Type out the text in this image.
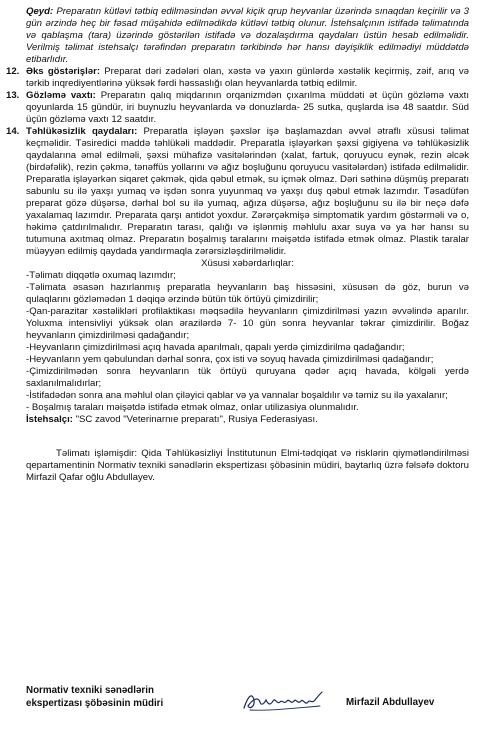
Qeyd: Preparatın kütləvi tətbiq edilməsindən əvvəl kiçik qrup heyvanlar üzərində sınaqdan keçirilir və 3 gün ərzində heç bir fəsad müşahidə edilmədikdə kütləvi tətbiq olunur. İstehsalçının istifadə təlimatında və qablaşma (tara) üzərində göstərilən istifadə və dozalaşdırma qaydaları üstün hesab edilməlidir. Verilmiş təlimat istehsalçı tərəfindən preparatın tərkibində hər hansı dəyişiklik edilmədiyi müddətdə etibarlıdır.

12. Əks göstərişlər: Preparat dəri zədələri olan, xəstə və yaxın günlərdə xəstəlik keçirmiş, zəif, arıq və tərkib inqrediyentlərinə yüksək fərdi həssaslığı olan heyvanlarda tətbiq edilmir.

13. Gözləmə vaxtı: Preparatın qalıq miqdarının orqanizmdən çıxarılma müddəti ət üçün gözləmə vaxtı qoyunlarda 15 gündür, iri buynuzlu heyvanlarda və donuzlarda- 25 sutka, quşlarda isə 48 saatdır. Süd üçün gözləmə vaxtı 12 saatdır.

14. Təhlükəsizlik qaydaları: Preparatla işləyən şəxslər işə başlamazdan əvvəl ətraflı xüsusi təlimat keçməlidir. Təsiredici maddə təhlükəli maddədir. Preparatla işləyərkən şəxsi gigiyena və təhlükəsizlik qaydalarına əməl edilməli, şəxsi mühafizə vasitələrindən (xalat, fartuk, qoruyucu eynək, rezin əlcək (birdəfəlik), rezin çəkmə, tənəffüs yollarını və ağız boşluğunu qoruyucu vasitələrdən) istifadə edilməlidir. Preparatla işləyərkən siqaret çəkmək, qida qəbul etmək, su içmək olmaz. Dəri səthinə düşmüş preparatı sabunlu su ilə yaxşı yumaq və işdən sonra yuyunmaq və yaxşı duş qəbul etmək lazımdır. Təsadüfən preparat gözə düşərsə, dərhal bol su ilə yumaq, ağıza düşərsə, ağız boşluğunu su ilə bir neçə dəfə yaxalamaq lazımdır. Preparata qarşı antidot yoxdur. Zərərçəkmişə simptomatik yardım göstərməli və o, həkimə çatdırılmalıdır. Preparatın tarası, qalığı və işlənmiş məhlulu axar suya və ya hər hansı su tutumuna axıtmaq olmaz. Preparatın boşalmış taralarını məişətdə istifadə etmək olmaz. Plastik taralar müəyyən edilmiş qaydada yandırmaqla zərərsizləşdirilməlidir.

Xüsusi xəbərdarlıqlar:

-Təlimatı diqqətlə oxumaq lazımdır;

-Təlimata əsasən hazırlanmış preparatla heyvanların baş hissəsini, xüsusən də göz, burun və qulaqlarını gözləmədən 1 dəqiqə ərzində bütün tük örtüyü çimizdirilir;

-Qan-parazitar xəstəlikləri profilaktikası məqsədilə heyvanların çimizdirilməsi yazın əvvəlində aparılır. Yoluxma intensivliyi yüksək olan ərazilərdə 7- 10 gün sonra heyvanlar təkrar çimizdirilir. Boğaz heyvanların çimizdirilməsi qadağandır;

-Heyvanların çimizdirilməsi açıq havada aparılmalı, qapalı yerdə çimizdirilmə qadağandır;

-Heyvanların yem qəbulundan dərhal sonra, çox isti və soyuq havada çimizdirilməsi qadağandır;

-Çimizdirilmədən sonra heyvanların tük örtüyü quruyana qədər açıq havada, kölgəli yerdə saxlanılmalıdırlar;

-İstifadədən sonra ana məhlul olan çiləyici qablar və ya vannalar boşaldılır və təmiz su ilə yaxalanır;

- Boşalmış taraları məişətdə istifadə etmək olmaz, onlar utilizasiya olunmalıdır.

İstehsalçı: "SC zavod "Veterinarnıe preparatı", Rusiya Federasiyası.

Təlimatı işləmişdir: Qida Təhlükəsizliyi İnstitutunun Elmi-tədqiqat və risklərin qiymətləndirilməsi qepartamentinin Normativ texniki sənədlərin ekspertizası şöbəsinin müdiri, baytarlıq üzrə fəlsəfə doktoru Mirfazil Qafar oğlu Abdullayev.

Normativ texniki sənədlərin
ekspertizası şöbəsinin müdiri	Mirfazil Abdullayev
